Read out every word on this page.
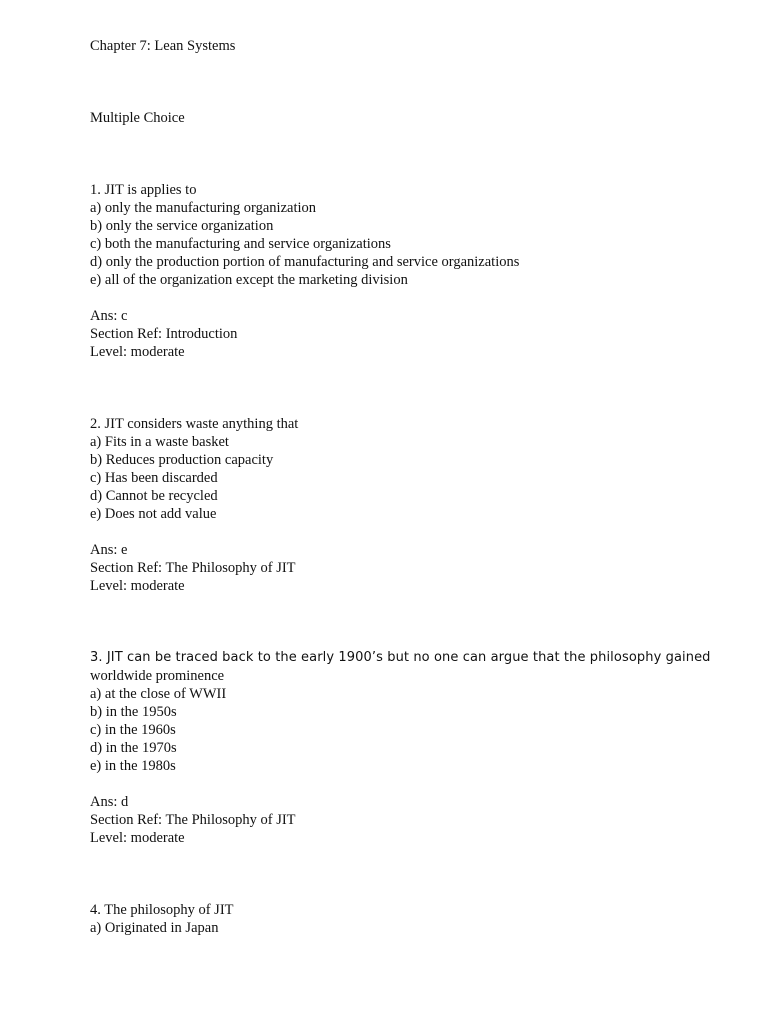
Chapter 7: Lean Systems
Multiple Choice
1. JIT is applies to
a) only the manufacturing organization
b) only the service organization
c) both the manufacturing and service organizations
d) only the production portion of manufacturing and service organizations
e) all of the organization except the marketing division
Ans: c
Section Ref: Introduction
Level: moderate
2. JIT considers waste anything that
a) Fits in a waste basket
b) Reduces production capacity
c) Has been discarded
d) Cannot be recycled
e) Does not add value
Ans: e
Section Ref: The Philosophy of JIT
Level: moderate
3. JIT can be traced back to the early 1900’s but no one can argue that the philosophy gained
worldwide prominence
a) at the close of WWII
b) in the 1950s
c) in the 1960s
d) in the 1970s
e) in the 1980s
Ans: d
Section Ref: The Philosophy of JIT
Level: moderate
4. The philosophy of JIT
a) Originated in Japan
